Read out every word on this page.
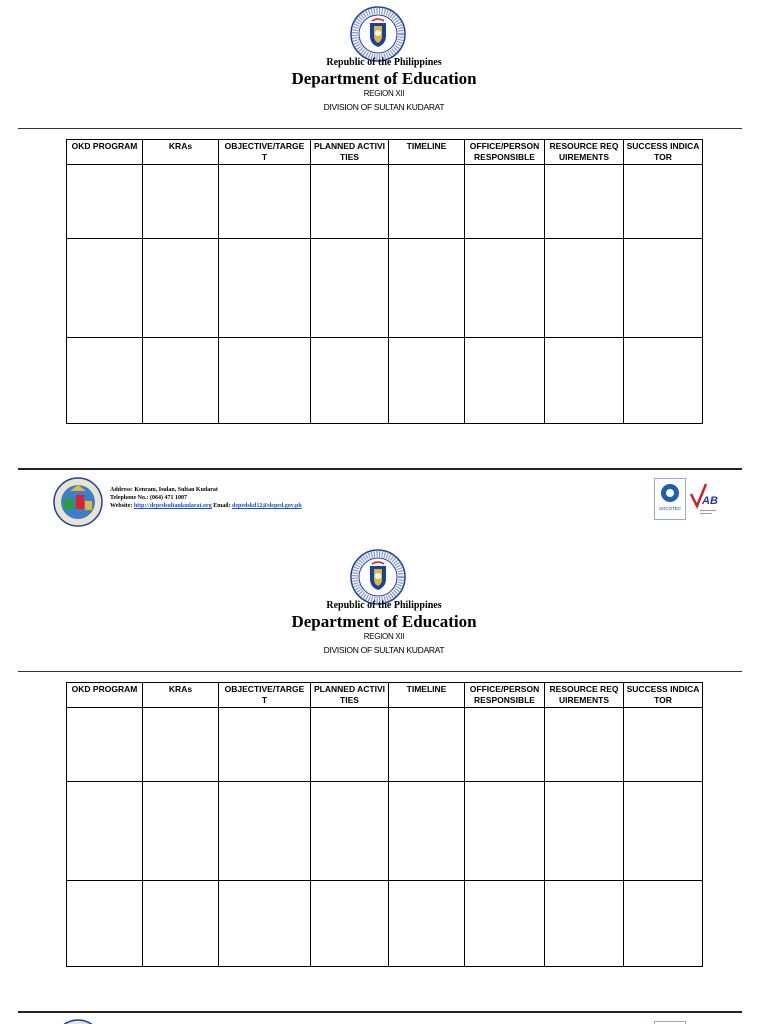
Republic of the Philippines
Department of Education
REGION XII
DIVISION OF SULTAN KUDARAT
OKD PROGRAM	KRAs	OBJECTIVE/TARGE T	PLANNED ACTIVITIES	TIMELINE	OFFICE/PERSON RESPONSIBLE	RESOURCE REQUIREMENTS	SUCCESS INDICATOR

Address: Kenram, Isulan, Sultan Kudarat
Telephone No.: (064) 471 1007
Website: http://depedsultankudarat.org Email: depedskd12@deped.gov.ph	SOCOTEC
AB
Republic of the Philippines
Department of Education
REGION XII
DIVISION OF SULTAN KUDARAT
OKD PROGRAM	KRAs	OBJECTIVE/TARGE T	PLANNED ACTIVITIES	TIMELINE	OFFICE/PERSON RESPONSIBLE	RESOURCE REQUIREMENTS	SUCCESS INDICATOR
